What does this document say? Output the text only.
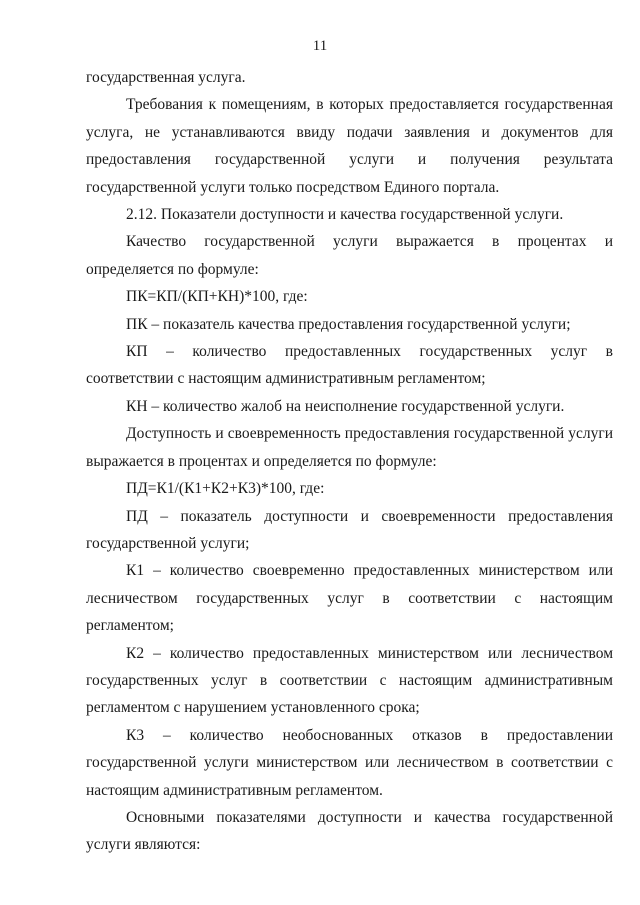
11

государственная услуга.

Требования к помещениям, в которых предоставляется государственная услуга, не устанавливаются ввиду подачи заявления и документов для предоставления государственной услуги и получения результата государственной услуги только посредством Единого портала.

2.12. Показатели доступности и качества государственной услуги.

Качество государственной услуги выражается в процентах и определяется по формуле:

ПК=КП/(КП+КН)*100, где:

ПК – показатель качества предоставления государственной услуги;

КП – количество предоставленных государственных услуг в соответствии с настоящим административным регламентом;

КН – количество жалоб на неисполнение государственной услуги.

Доступность и своевременность предоставления государственной услуги выражается в процентах и определяется по формуле:

ПД=К1/(К1+К2+К3)*100, где:

ПД – показатель доступности и своевременности предоставления государственной услуги;

К1 – количество своевременно предоставленных министерством или лесничеством государственных услуг в соответствии с настоящим регламентом;

К2 – количество предоставленных министерством или лесничеством государственных услуг в соответствии с настоящим административным регламентом с нарушением установленного срока;

К3 – количество необоснованных отказов в предоставлении государственной услуги министерством или лесничеством в соответствии с настоящим административным регламентом.

Основными показателями доступности и качества государственной услуги являются:
